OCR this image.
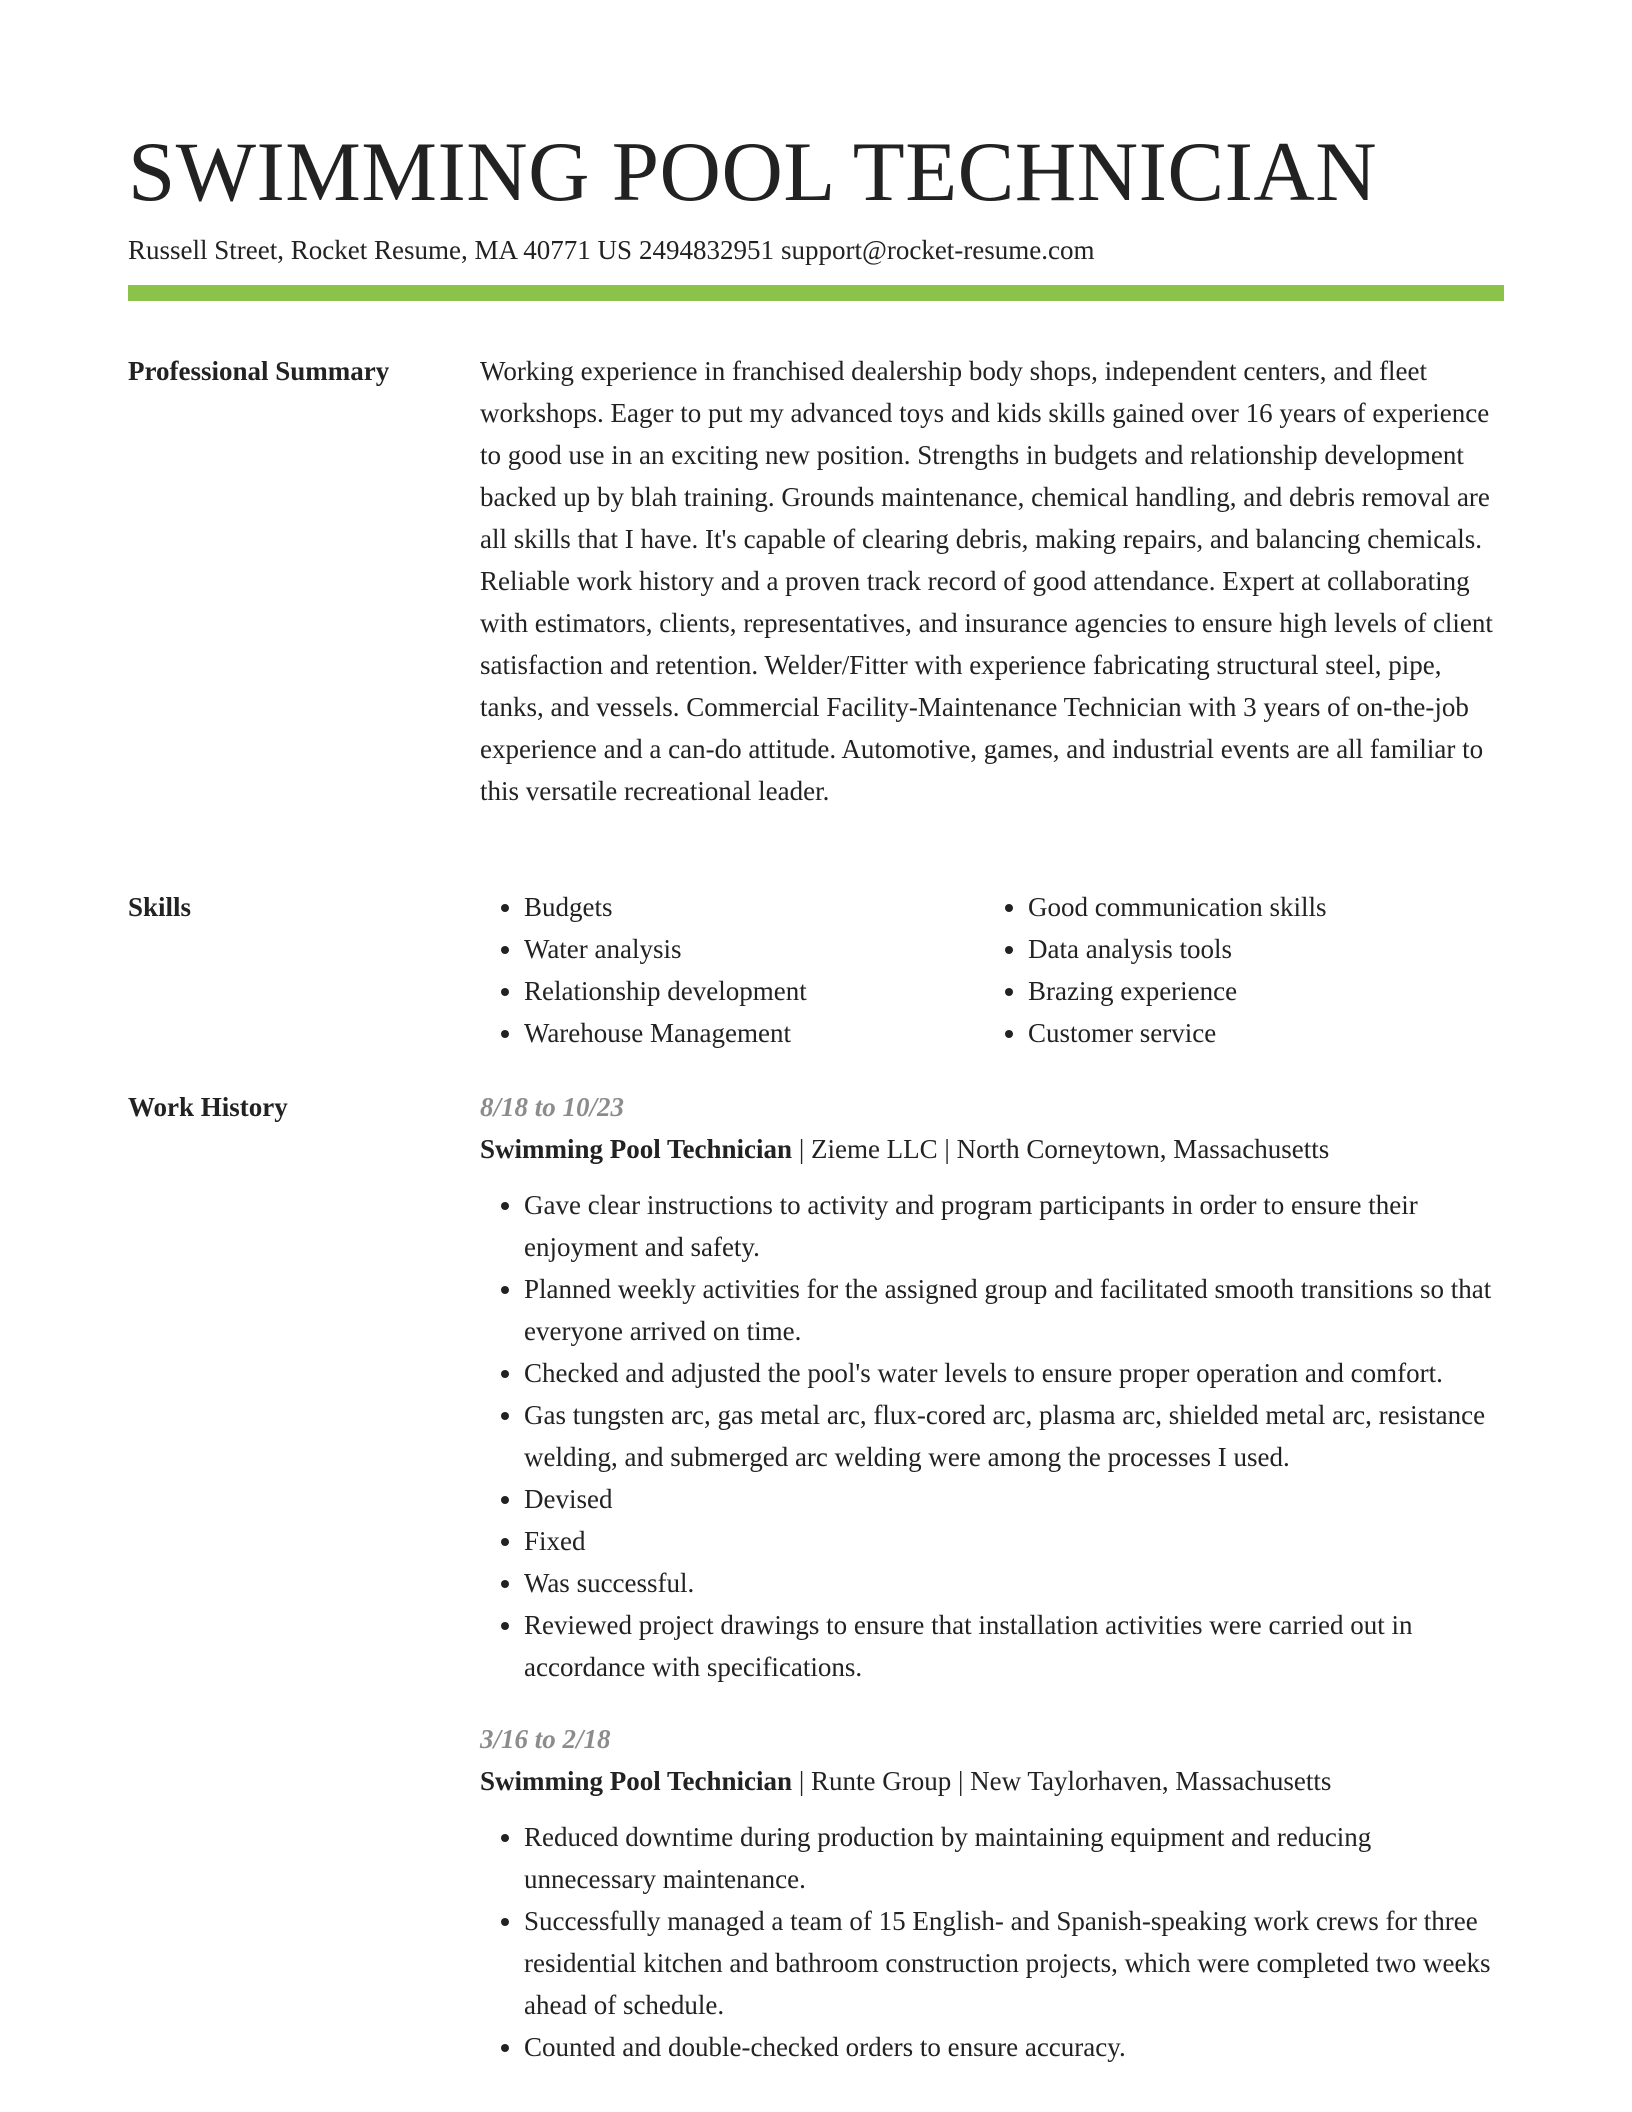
SWIMMING POOL TECHNICIAN
Russell Street, Rocket Resume, MA 40771 US 2494832951 support@rocket-resume.com
Professional Summary	Working experience in franchised dealership body shops, independent centers, and fleet workshops. Eager to put my advanced toys and kids skills gained over 16 years of experience to good use in an exciting new position. Strengths in budgets and relationship development backed up by blah training. Grounds maintenance, chemical handling, and debris removal are all skills that I have. It's capable of clearing debris, making repairs, and balancing chemicals. Reliable work history and a proven track record of good attendance. Expert at collaborating with estimators, clients, representatives, and insurance agencies to ensure high levels of client satisfaction and retention. Welder/Fitter with experience fabricating structural steel, pipe, tanks, and vessels. Commercial Facility-Maintenance Technician with 3 years of on-the-job experience and a can-do attitude. Automotive, games, and industrial events are all familiar to this versatile recreational leader.

Skills
•	Budgets
• Water analysis
• Relationship development
• Warehouse Management
• Good communication skills
• Data analysis tools
• Brazing experience
• Customer service
Work History	8/18 to 10/23
Swimming Pool Technician | Zieme LLC | North Corneytown, Massachusetts
• Gave clear instructions to activity and program participants in order to ensure their enjoyment and safety.
• Planned weekly activities for the assigned group and facilitated smooth transitions so that everyone arrived on time.
• Checked and adjusted the pool's water levels to ensure proper operation and comfort.
• Gas tungsten arc, gas metal arc, flux-cored arc, plasma arc, shielded metal arc, resistance welding, and submerged arc welding were among the processes I used.
• Devised
• Fixed
• Was successful.
• Reviewed project drawings to ensure that installation activities were carried out in accordance with specifications.
3/16 to 2/18
Swimming Pool Technician | Runte Group | New Taylorhaven, Massachusetts
• Reduced downtime during production by maintaining equipment and reducing unnecessary maintenance.
• Successfully managed a team of 15 English- and Spanish-speaking work crews for three residential kitchen and bathroom construction projects, which were completed two weeks ahead of schedule.
• Counted and double-checked orders to ensure accuracy.
